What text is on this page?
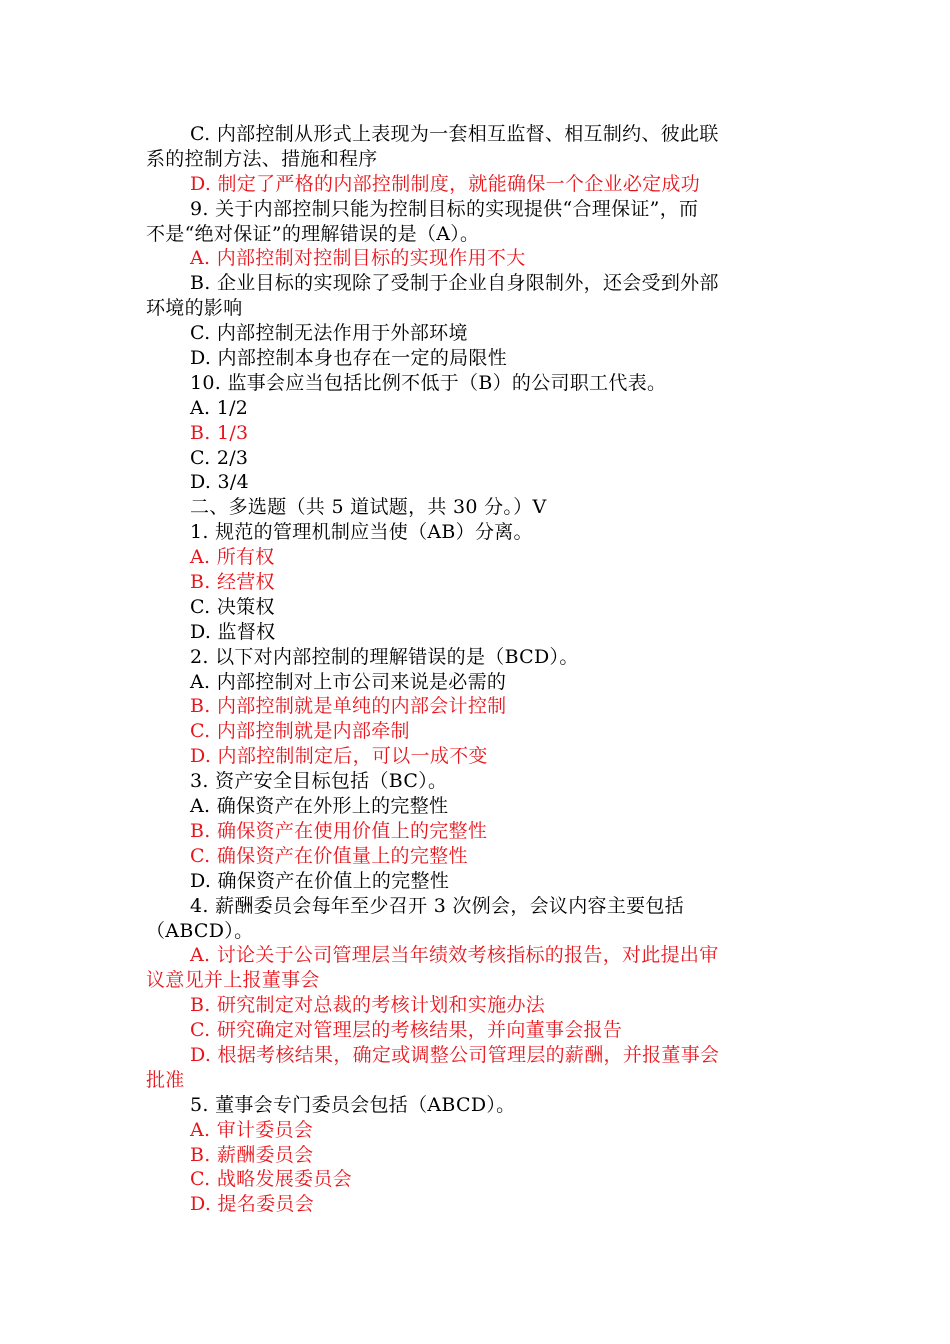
C. 内部控制从形式上表现为一套相互监督、相互制约、彼此联
系的控制方法、措施和程序
D. 制定了严格的内部控制制度，就能确保一个企业必定成功
9. 关于内部控制只能为控制目标的实现提供“合理保证”，而
不是“绝对保证”的理解错误的是（A）。
A. 内部控制对控制目标的实现作用不大
B. 企业目标的实现除了受制于企业自身限制外，还会受到外部
环境的影响
C. 内部控制无法作用于外部环境
D. 内部控制本身也存在一定的局限性
10. 监事会应当包括比例不低于（B）的公司职工代表。
A. 1/2
B. 1/3
C. 2/3
D. 3/4
二、多选题（共 5 道试题，共 30 分。）V
1. 规范的管理机制应当使（AB）分离。
A. 所有权
B. 经营权
C. 决策权
D. 监督权
2. 以下对内部控制的理解错误的是（BCD）。
A. 内部控制对上市公司来说是必需的
B. 内部控制就是单纯的内部会计控制
C. 内部控制就是内部牵制
D. 内部控制制定后，可以一成不变
3. 资产安全目标包括（BC）。
A. 确保资产在外形上的完整性
B. 确保资产在使用价值上的完整性
C. 确保资产在价值量上的完整性
D. 确保资产在价值上的完整性
4. 薪酬委员会每年至少召开 3 次例会，会议内容主要包括
（ABCD）。
A. 讨论关于公司管理层当年绩效考核指标的报告，对此提出审
议意见并上报董事会
B. 研究制定对总裁的考核计划和实施办法
C. 研究确定对管理层的考核结果，并向董事会报告
D. 根据考核结果，确定或调整公司管理层的薪酬，并报董事会
批准
5. 董事会专门委员会包括（ABCD）。
A. 审计委员会
B. 薪酬委员会
C. 战略发展委员会
D. 提名委员会
